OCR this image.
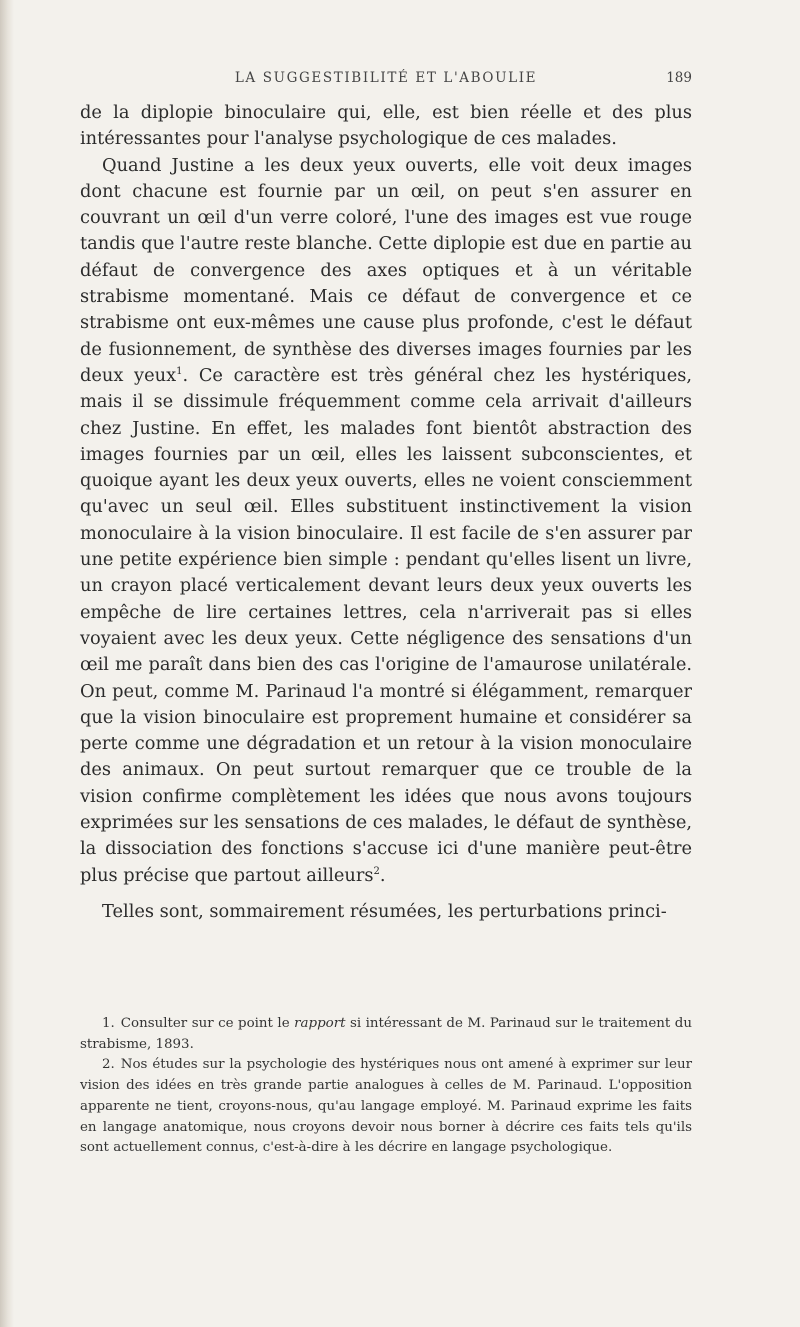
LA SUGGESTIBILITÉ ET L'ABOULIE	189

de la diplopie binoculaire qui, elle, est bien réelle et des plus intéressantes pour l'analyse psychologique de ces malades.

Quand Justine a les deux yeux ouverts, elle voit deux images dont chacune est fournie par un œil, on peut s'en assurer en couvrant un œil d'un verre coloré, l'une des images est vue rouge tandis que l'autre reste blanche. Cette diplopie est due en partie au défaut de convergence des axes optiques et à un véritable strabisme momentané. Mais ce défaut de convergence et ce strabisme ont eux-mêmes une cause plus profonde, c'est le défaut de fusionnement, de synthèse des diverses images fournies par les deux yeux$^1$. Ce caractère est très général chez les hystériques, mais il se dissimule fréquemment comme cela arrivait d'ailleurs chez Justine. En effet, les malades font bientôt abstraction des images fournies par un œil, elles les laissent subconscientes, et quoique ayant les deux yeux ouverts, elles ne voient consciemment qu'avec un seul œil. Elles substituent instinctivement la vision monoculaire à la vision binoculaire. Il est facile de s'en assurer par une petite expérience bien simple : pendant qu'elles lisent un livre, un crayon placé verticalement devant leurs deux yeux ouverts les empêche de lire certaines lettres, cela n'arriverait pas si elles voyaient avec les deux yeux. Cette négligence des sensations d'un œil me paraît dans bien des cas l'origine de l'amaurose unilatérale. On peut, comme M. Parinaud l'a montré si élégamment, remarquer que la vision binoculaire est proprement humaine et considérer sa perte comme une dégradation et un retour à la vision monoculaire des animaux. On peut surtout remarquer que ce trouble de la vision confirme complètement les idées que nous avons toujours exprimées sur les sensations de ces malades, le défaut de synthèse, la dissociation des fonctions s'accuse ici d'une manière peut-être plus précise que partout ailleurs$^2$.

Telles sont, sommairement résumées, les perturbations princi-

1. Consulter sur ce point le rapport si intéressant de M. Parinaud sur le traitement du strabisme, 1893.

2. Nos études sur la psychologie des hystériques nous ont amené à exprimer sur leur vision des idées en très grande partie analogues à celles de M. Parinaud. L'opposition apparente ne tient, croyons-nous, qu'au langage employé. M. Parinaud exprime les faits en langage anatomique, nous croyons devoir nous borner à décrire ces faits tels qu'ils sont actuellement connus, c'est-à-dire à les décrire en langage psychologique.
